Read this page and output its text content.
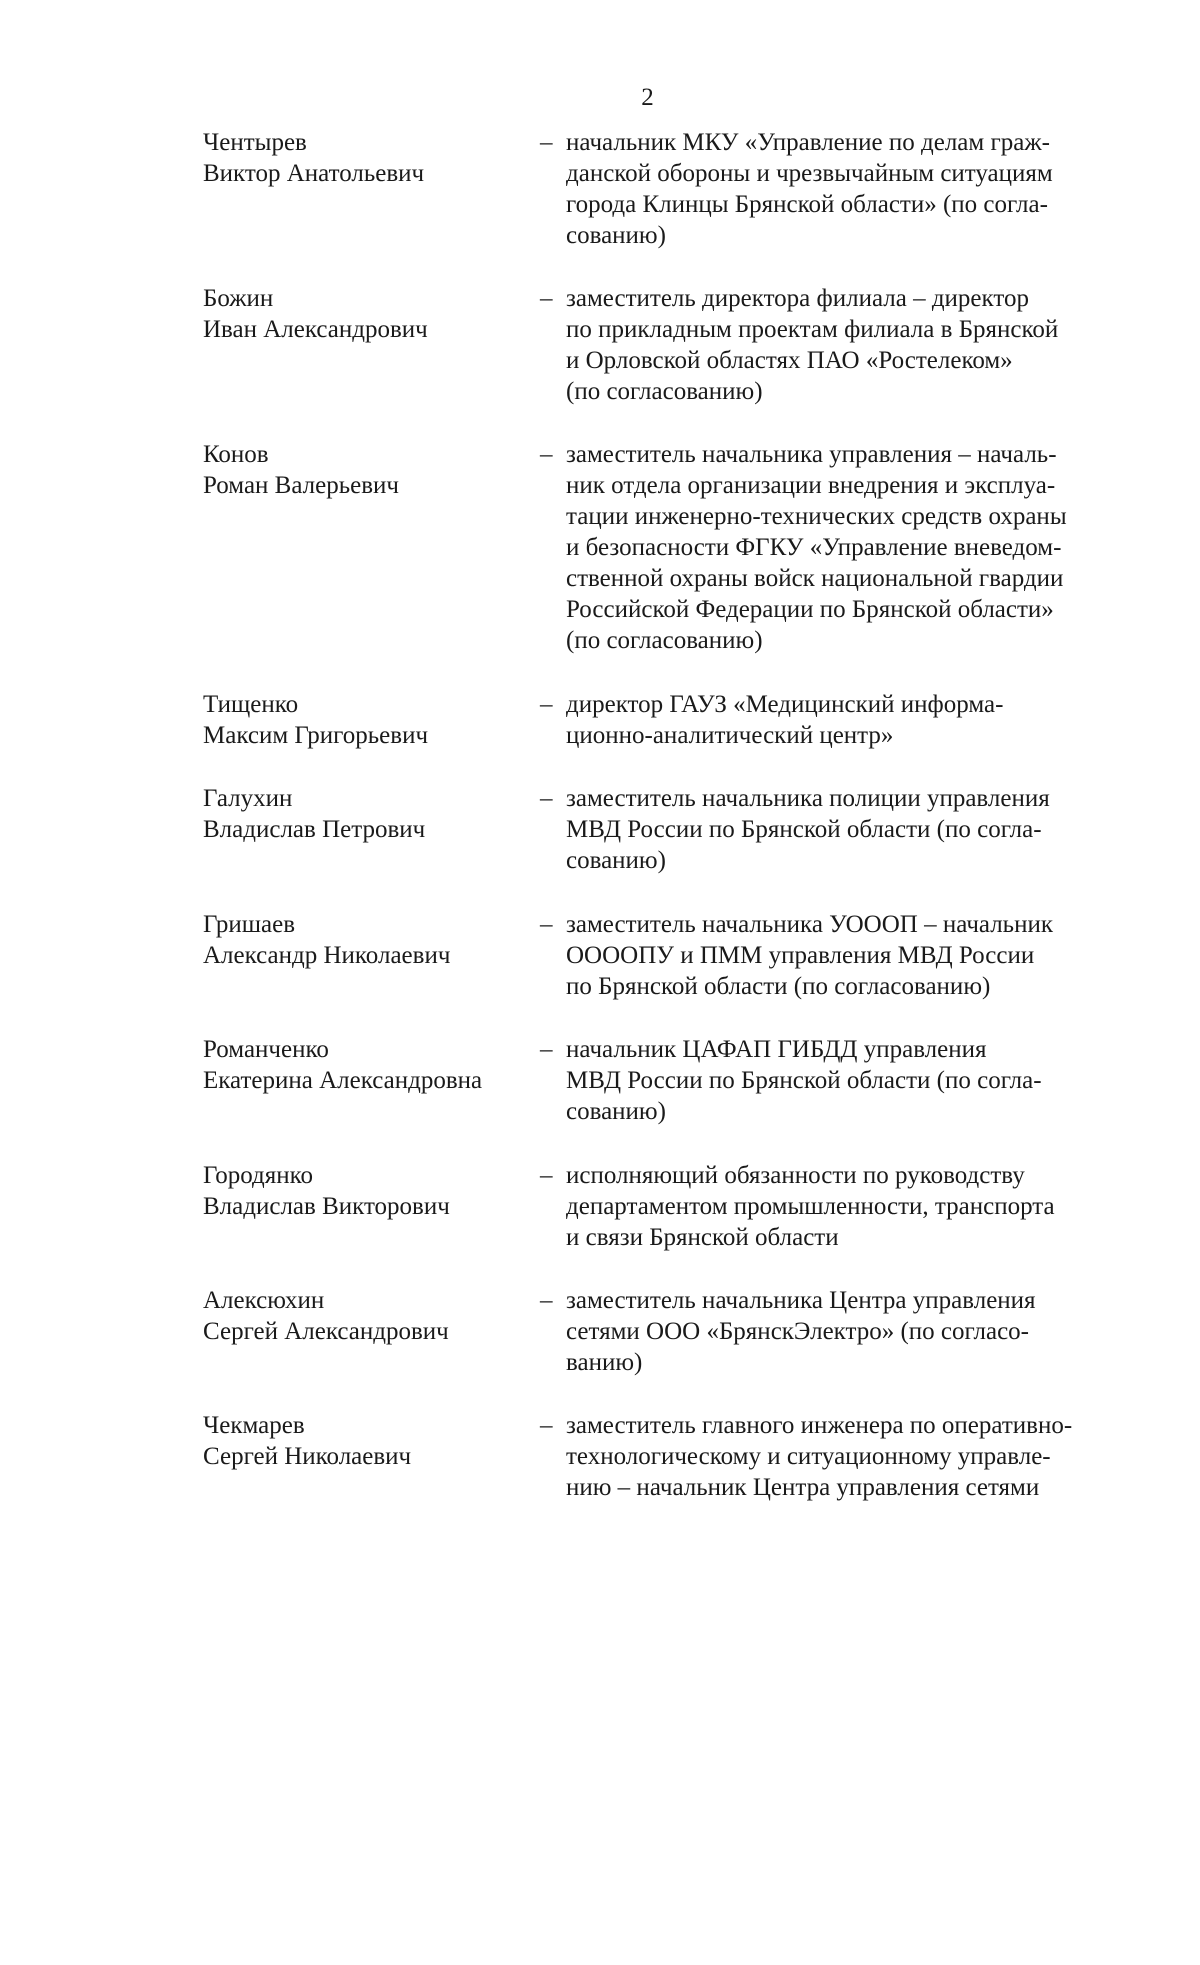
2
Чентырев
Виктор Анатольевич
– начальник МКУ «Управление по делам граж-
данской обороны и чрезвычайным ситуациям
города Клинцы Брянской области» (по согла-
сованию)
Божин
Иван Александрович
– заместитель директора филиала – директор
по прикладным проектам филиала в Брянской
и Орловской областях ПАО «Ростелеком»
(по согласованию)
Конов
Роман Валерьевич
– заместитель начальника управления – началь-
ник отдела организации внедрения и эксплуа-
тации инженерно-технических средств охраны
и безопасности ФГКУ «Управление вневедом-
ственной охраны войск национальной гвардии
Российской Федерации по Брянской области»
(по согласованию)
Тищенко
Максим Григорьевич
– директор ГАУЗ «Медицинский информа-
ционно-аналитический центр»
Галухин
Владислав Петрович
– заместитель начальника полиции управления
МВД России по Брянской области (по согла-
сованию)
Гришаев
Александр Николаевич
– заместитель начальника УОООП – начальник
ОООOПУ и ПММ управления МВД России
по Брянской области (по согласованию)
Романченко
Екатерина Александровна
– начальник ЦАФАП ГИБДД управления
МВД России по Брянской области (по согла-
сованию)
Городянко
Владислав Викторович
– исполняющий обязанности по руководству
департаментом промышленности, транспорта
и связи Брянской области
Алексюхин
Сергей Александрович
– заместитель начальника Центра управления
сетями ООО «БрянскЭлектро» (по согласо-
ванию)
Чекмарев
Сергей Николаевич
– заместитель главного инженера по оперативно-
технологическому и ситуационному управле-
нию – начальник Центра управления сетями
